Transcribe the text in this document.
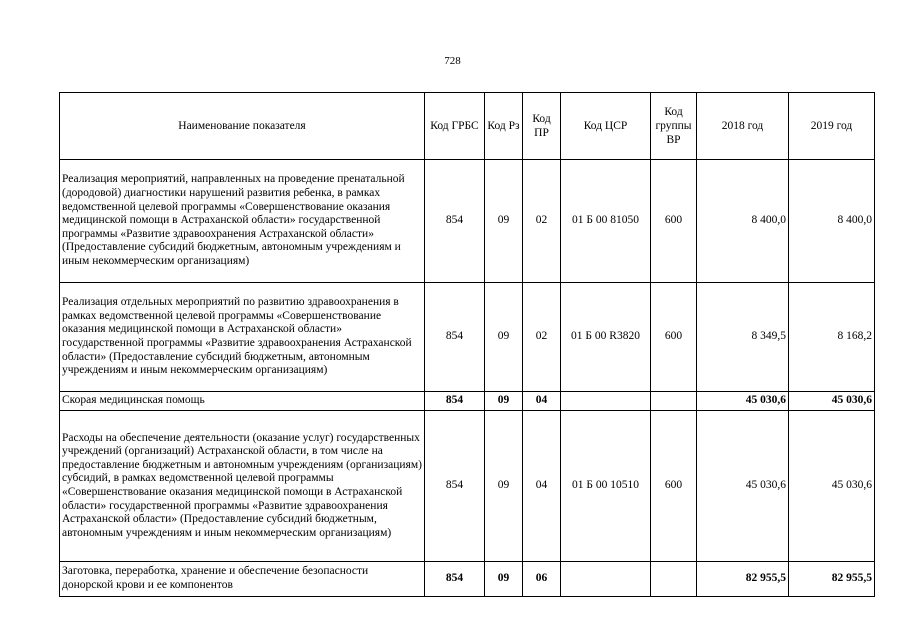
728
Наименование показателя	Код ГРБС	Код Рз	Код ПР	Код ЦСР	Код группы ВР	2018 год	2019 год
Реализация мероприятий, направленных на проведение пренатальной (дородовой) диагностики нарушений развития ребенка, в рамках ведомственной целевой программы «Совершенствование оказания медицинской помощи в Астраханской области» государственной программы «Развитие здравоохранения Астраханской области» (Предоставление субсидий бюджетным, автономным учреждениям и иным некоммерческим организациям)	854	09	02	01 Б 00 81050	600	8 400,0	8 400,0
Реализация отдельных мероприятий по развитию здравоохранения в рамках ведомственной целевой программы «Совершенствование оказания медицинской помощи в Астраханской области» государственной программы «Развитие здравоохранения Астраханской области» (Предоставление субсидий бюджетным, автономным учреждениям и иным некоммерческим организациям)	854	09	02	01 Б 00 R3820	600	8 349,5	8 168,2
Скорая медицинская помощь	854	09	04			45 030,6	45 030,6
Расходы на обеспечение деятельности (оказание услуг) государственных учреждений (организаций) Астраханской области, в том числе на предоставление бюджетным и автономным учреждениям (организациям) субсидий, в рамках ведомственной целевой программы «Совершенствование оказания медицинской помощи в Астраханской области» государственной программы «Развитие здравоохранения Астраханской области» (Предоставление субсидий бюджетным, автономным учреждениям и иным некоммерческим организациям)	854	09	04	01 Б 00 10510	600	45 030,6	45 030,6
Заготовка, переработка, хранение и обеспечение безопасности донорской крови и ее компонентов	854	09	06			82 955,5	82 955,5
